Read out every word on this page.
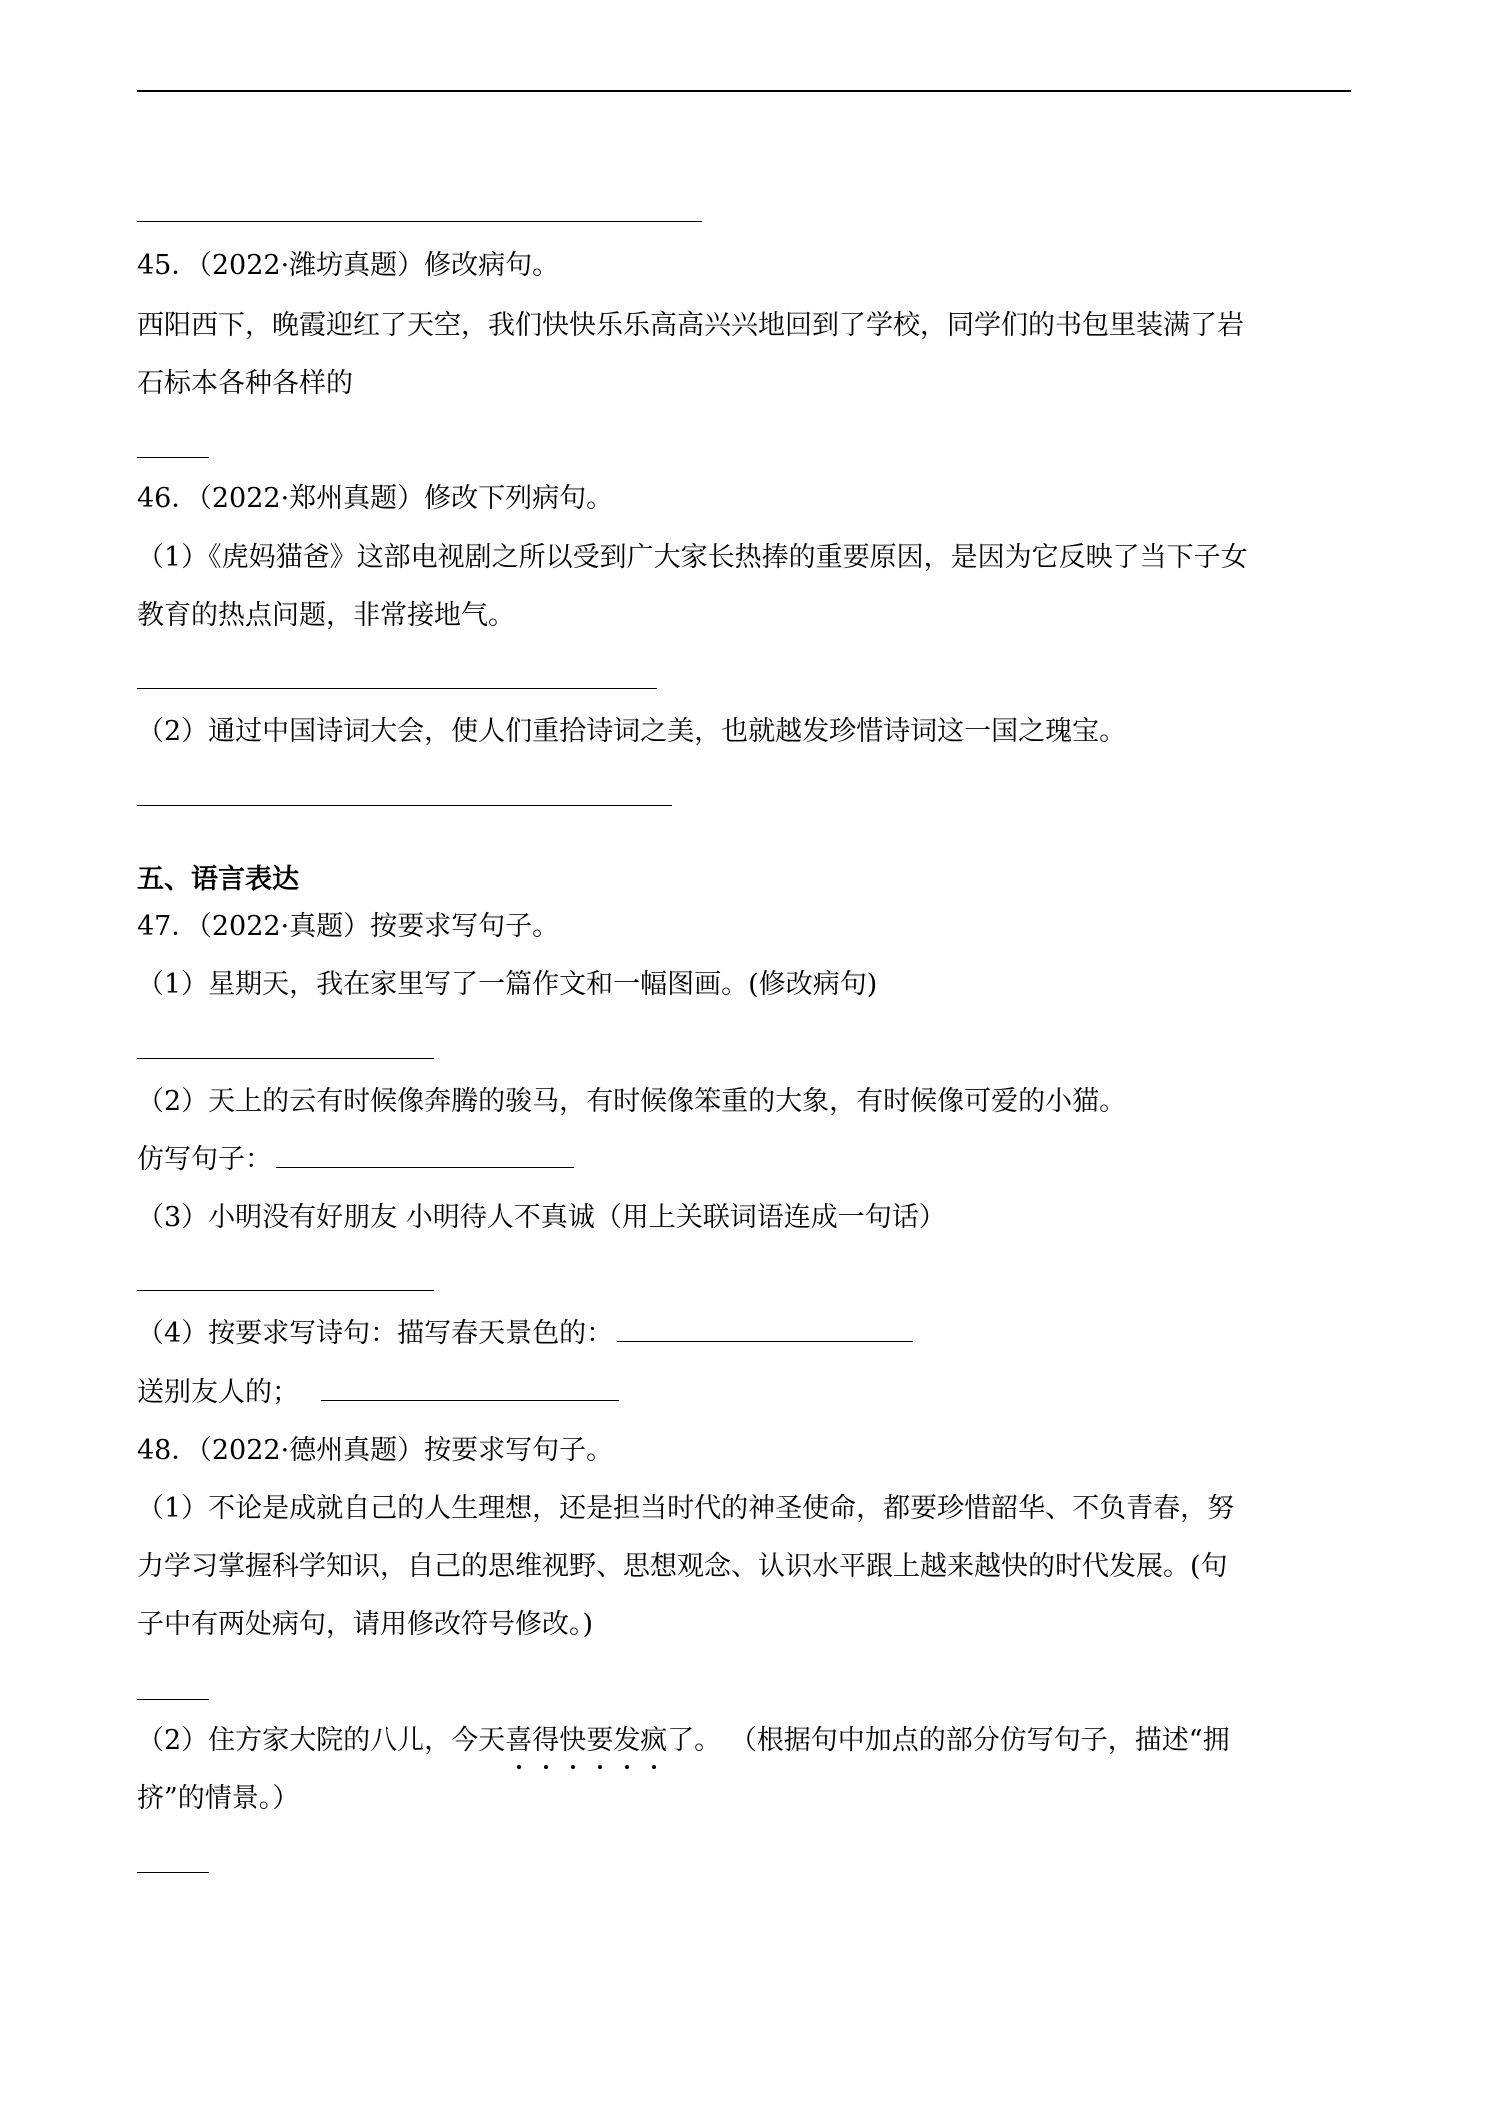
45．（2022·潍坊真题）修改病句。
西阳西下，晚霞迎红了天空，我们快快乐乐高高兴兴地回到了学校，同学们的书包里装满了岩
石标本各种各样的
46．（2022·郑州真题）修改下列病句。
（1）《虎妈猫爸》这部电视剧之所以受到广大家长热捧的重要原因，是因为它反映了当下子女
教育的热点问题，非常接地气。
（2）通过中国诗词大会，使人们重拾诗词之美，也就越发珍惜诗词这一国之瑰宝。
五、语言表达
47．（2022·真题）按要求写句子。
（1）星期天，我在家里写了一篇作文和一幅图画。(修改病句)
（2）天上的云有时候像奔腾的骏马，有时候像笨重的大象，有时候像可爱的小猫。
仿写句子：
（3）小明没有好朋友 小明待人不真诚（用上关联词语连成一句话）
（4）按要求写诗句：描写春天景色的：
送别友人的；
48．（2022·德州真题）按要求写句子。
（1）不论是成就自己的人生理想，还是担当时代的神圣使命，都要珍惜韶华、不负青春，努
力学习掌握科学知识，自己的思维视野、思想观念、认识水平跟上越来越快的时代发展。(句
子中有两处病句，请用修改符号修改。)
（2）住方家大院的八儿，今天喜得快要发疯了。 （根据句中加点的部分仿写句子，描述“拥
挤”的情景。）
